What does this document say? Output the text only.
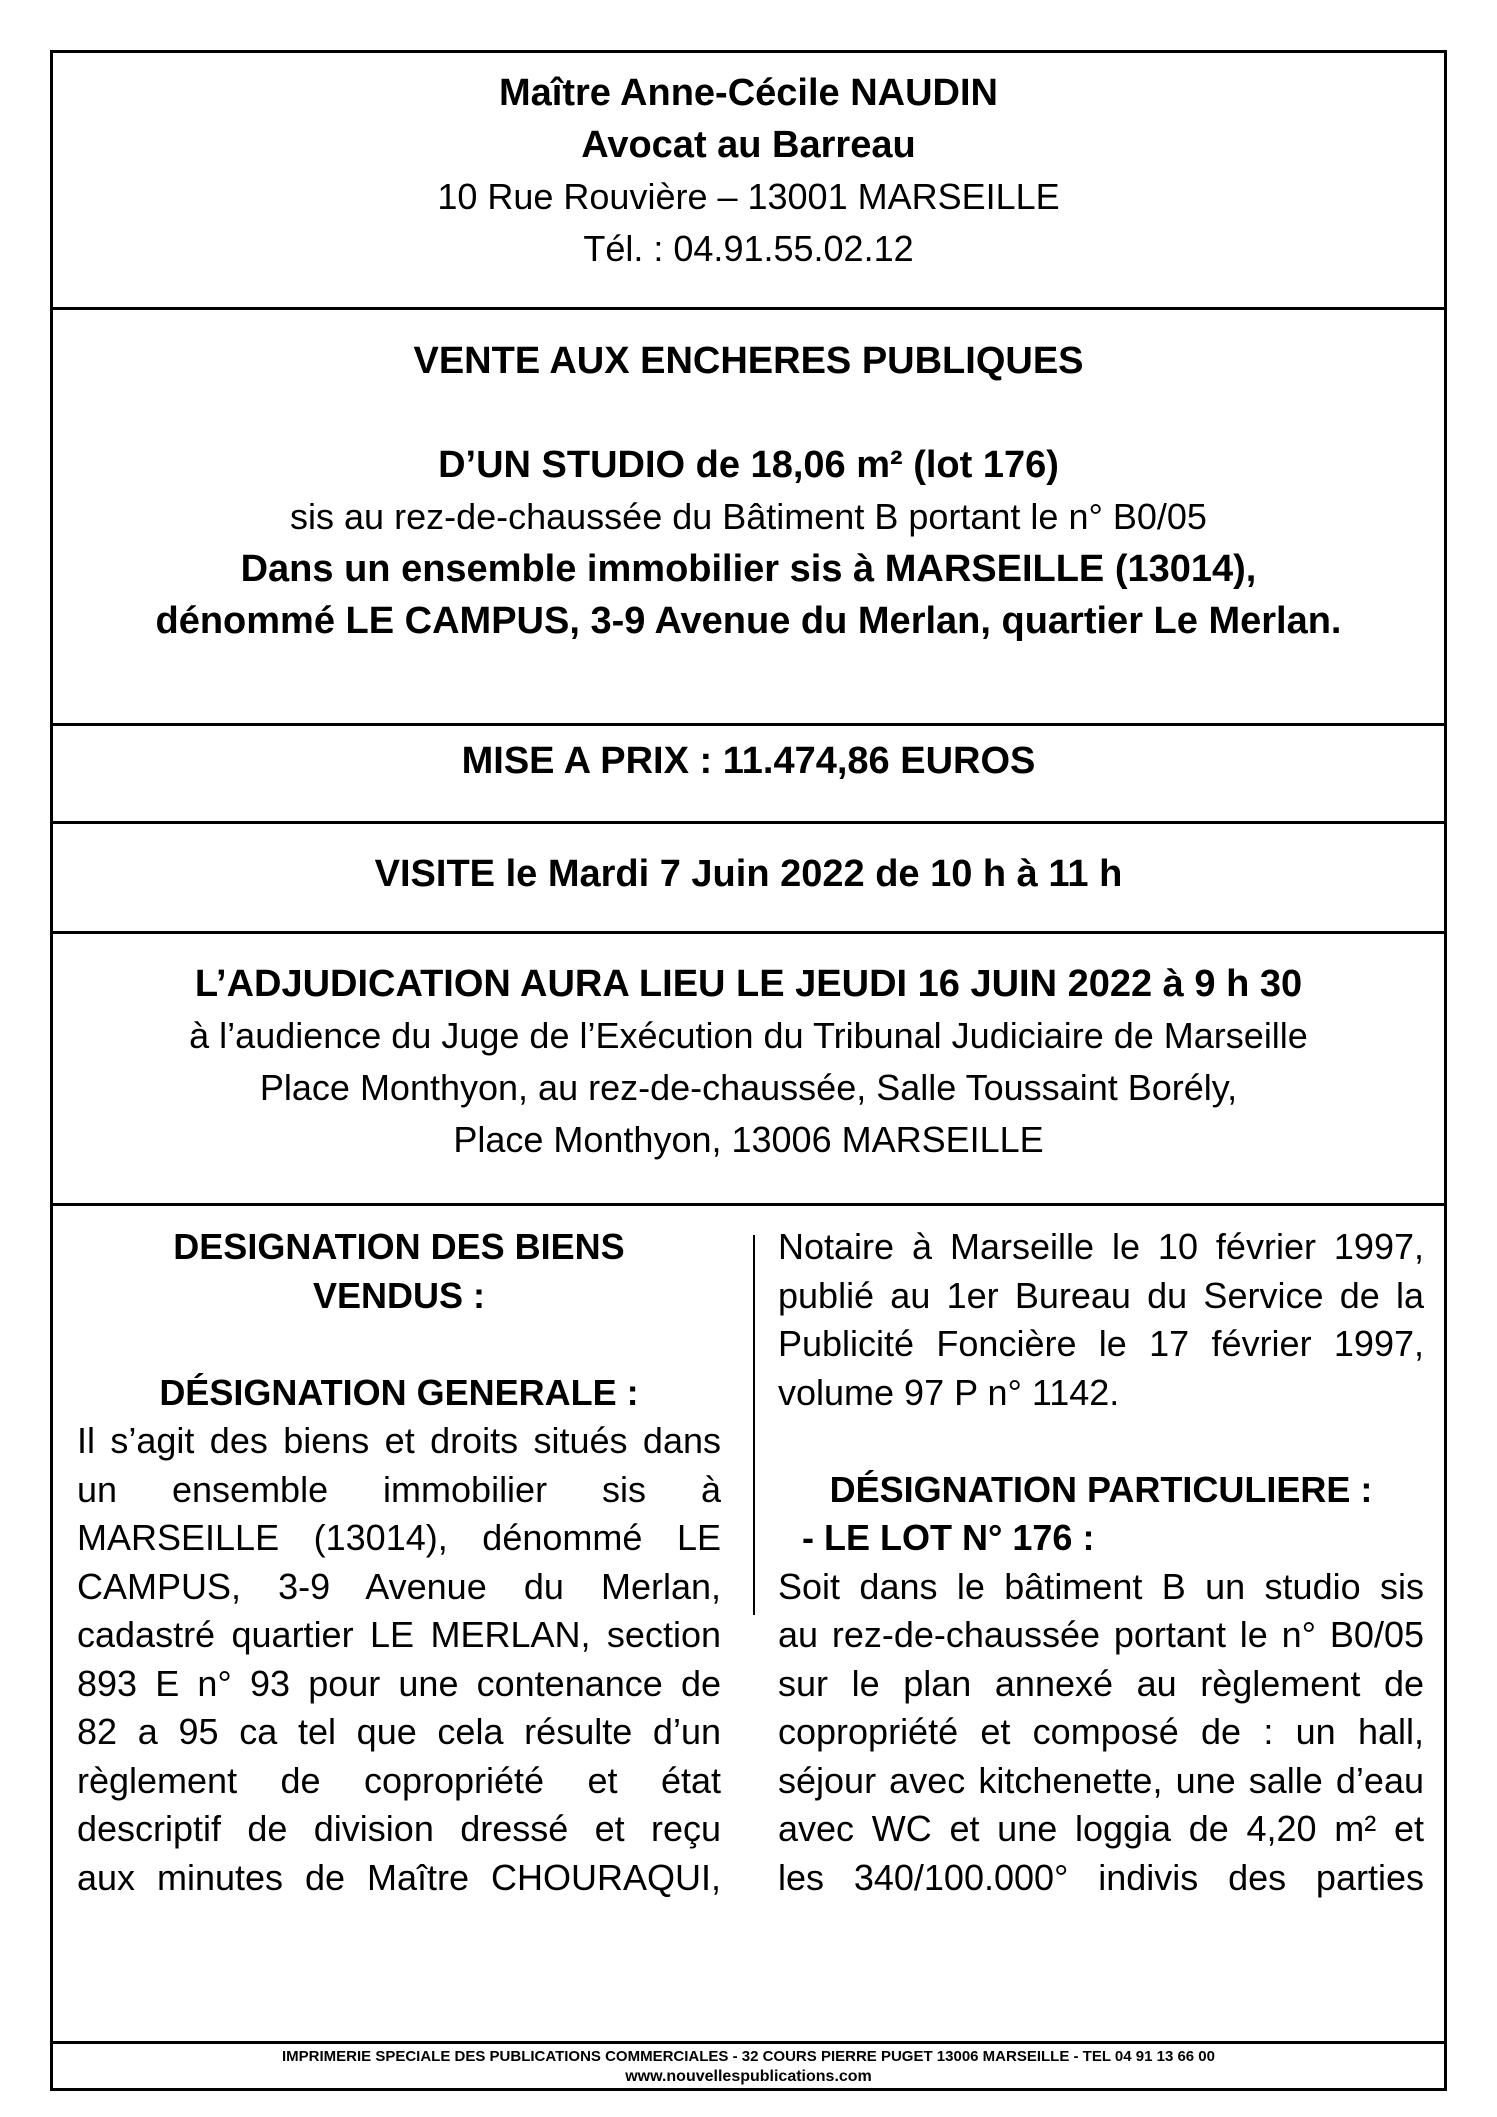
Maître Anne-Cécile NAUDIN
Avocat au Barreau
10 Rue Rouvière – 13001 MARSEILLE
Tél. : 04.91.55.02.12
VENTE AUX ENCHERES PUBLIQUES
D’UN STUDIO de 18,06 m² (lot 176)
sis au rez-de-chaussée du Bâtiment B portant le n° B0/05
Dans un ensemble immobilier sis à MARSEILLE (13014),
dénommé LE CAMPUS, 3-9 Avenue du Merlan, quartier Le Merlan.
MISE A PRIX : 11.474,86 EUROS
VISITE le Mardi 7 Juin 2022 de 10 h à 11 h
L’ADJUDICATION AURA LIEU LE JEUDI 16 JUIN 2022 à 9 h 30
à l’audience du Juge de l’Exécution du Tribunal Judiciaire de Marseille
Place Monthyon, au rez-de-chaussée, Salle Toussaint Borély,
Place Monthyon, 13006 MARSEILLE
DESIGNATION DES BIENS
VENDUS :
DÉSIGNATION GENERALE :
Il s’agit des biens et droits situés dans
un ensemble immobilier sis à
MARSEILLE (13014), dénommé LE
CAMPUS, 3-9 Avenue du Merlan,
cadastré quartier LE MERLAN, section
893 E n° 93 pour une contenance de
82 a 95 ca tel que cela résulte d’un
règlement de copropriété et état
descriptif de division dressé et reçu
aux minutes de Maître CHOURAQUI,
Notaire à Marseille le 10 février 1997,
publié au 1er Bureau du Service de la
Publicité Foncière le 17 février 1997,
volume 97 P n° 1142.
DÉSIGNATION PARTICULIERE :
- LE LOT N° 176 :
Soit dans le bâtiment B un studio sis
au rez-de-chaussée portant le n° B0/05
sur le plan annexé au règlement de
copropriété et composé de : un hall,
séjour avec kitchenette, une salle d’eau
avec WC et une loggia de 4,20 m² et
les 340/100.000° indivis des parties
IMPRIMERIE SPECIALE DES PUBLICATIONS COMMERCIALES - 32 COURS PIERRE PUGET 13006 MARSEILLE - TEL 04 91 13 66 00
www.nouvellespublications.com
